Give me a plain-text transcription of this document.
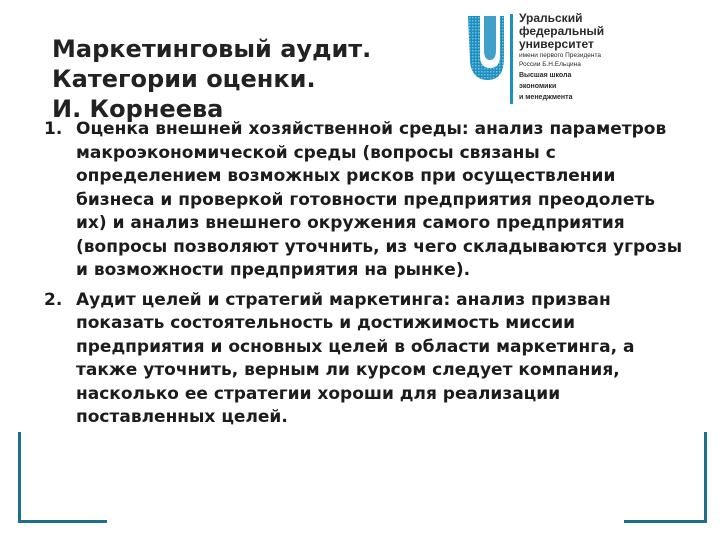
Маркетинговый аудит.
Категории оценки.
И. Корнеева
Уральский
федеральный
университет
имени первого Президента
России Б.Н.Ельцина
Высшая школа
экономики
и менеджмента
1. Оценка внешней хозяйственной среды: анализ параметров макроэкономической среды (вопросы связаны с определением возможных рисков при осуществлении бизнеса и проверкой готовности предприятия преодолеть их) и анализ внешнего окружения самого предприятия (вопросы позволяют уточнить, из чего складываются угрозы и возможности предприятия на рынке).
2. Аудит целей и стратегий маркетинга: анализ призван показать состоятельность и достижимость миссии предприятия и основных целей в области маркетинга, а также уточнить, верным ли курсом следует компания, насколько ее стратегии хороши для реализации поставленных целей.
